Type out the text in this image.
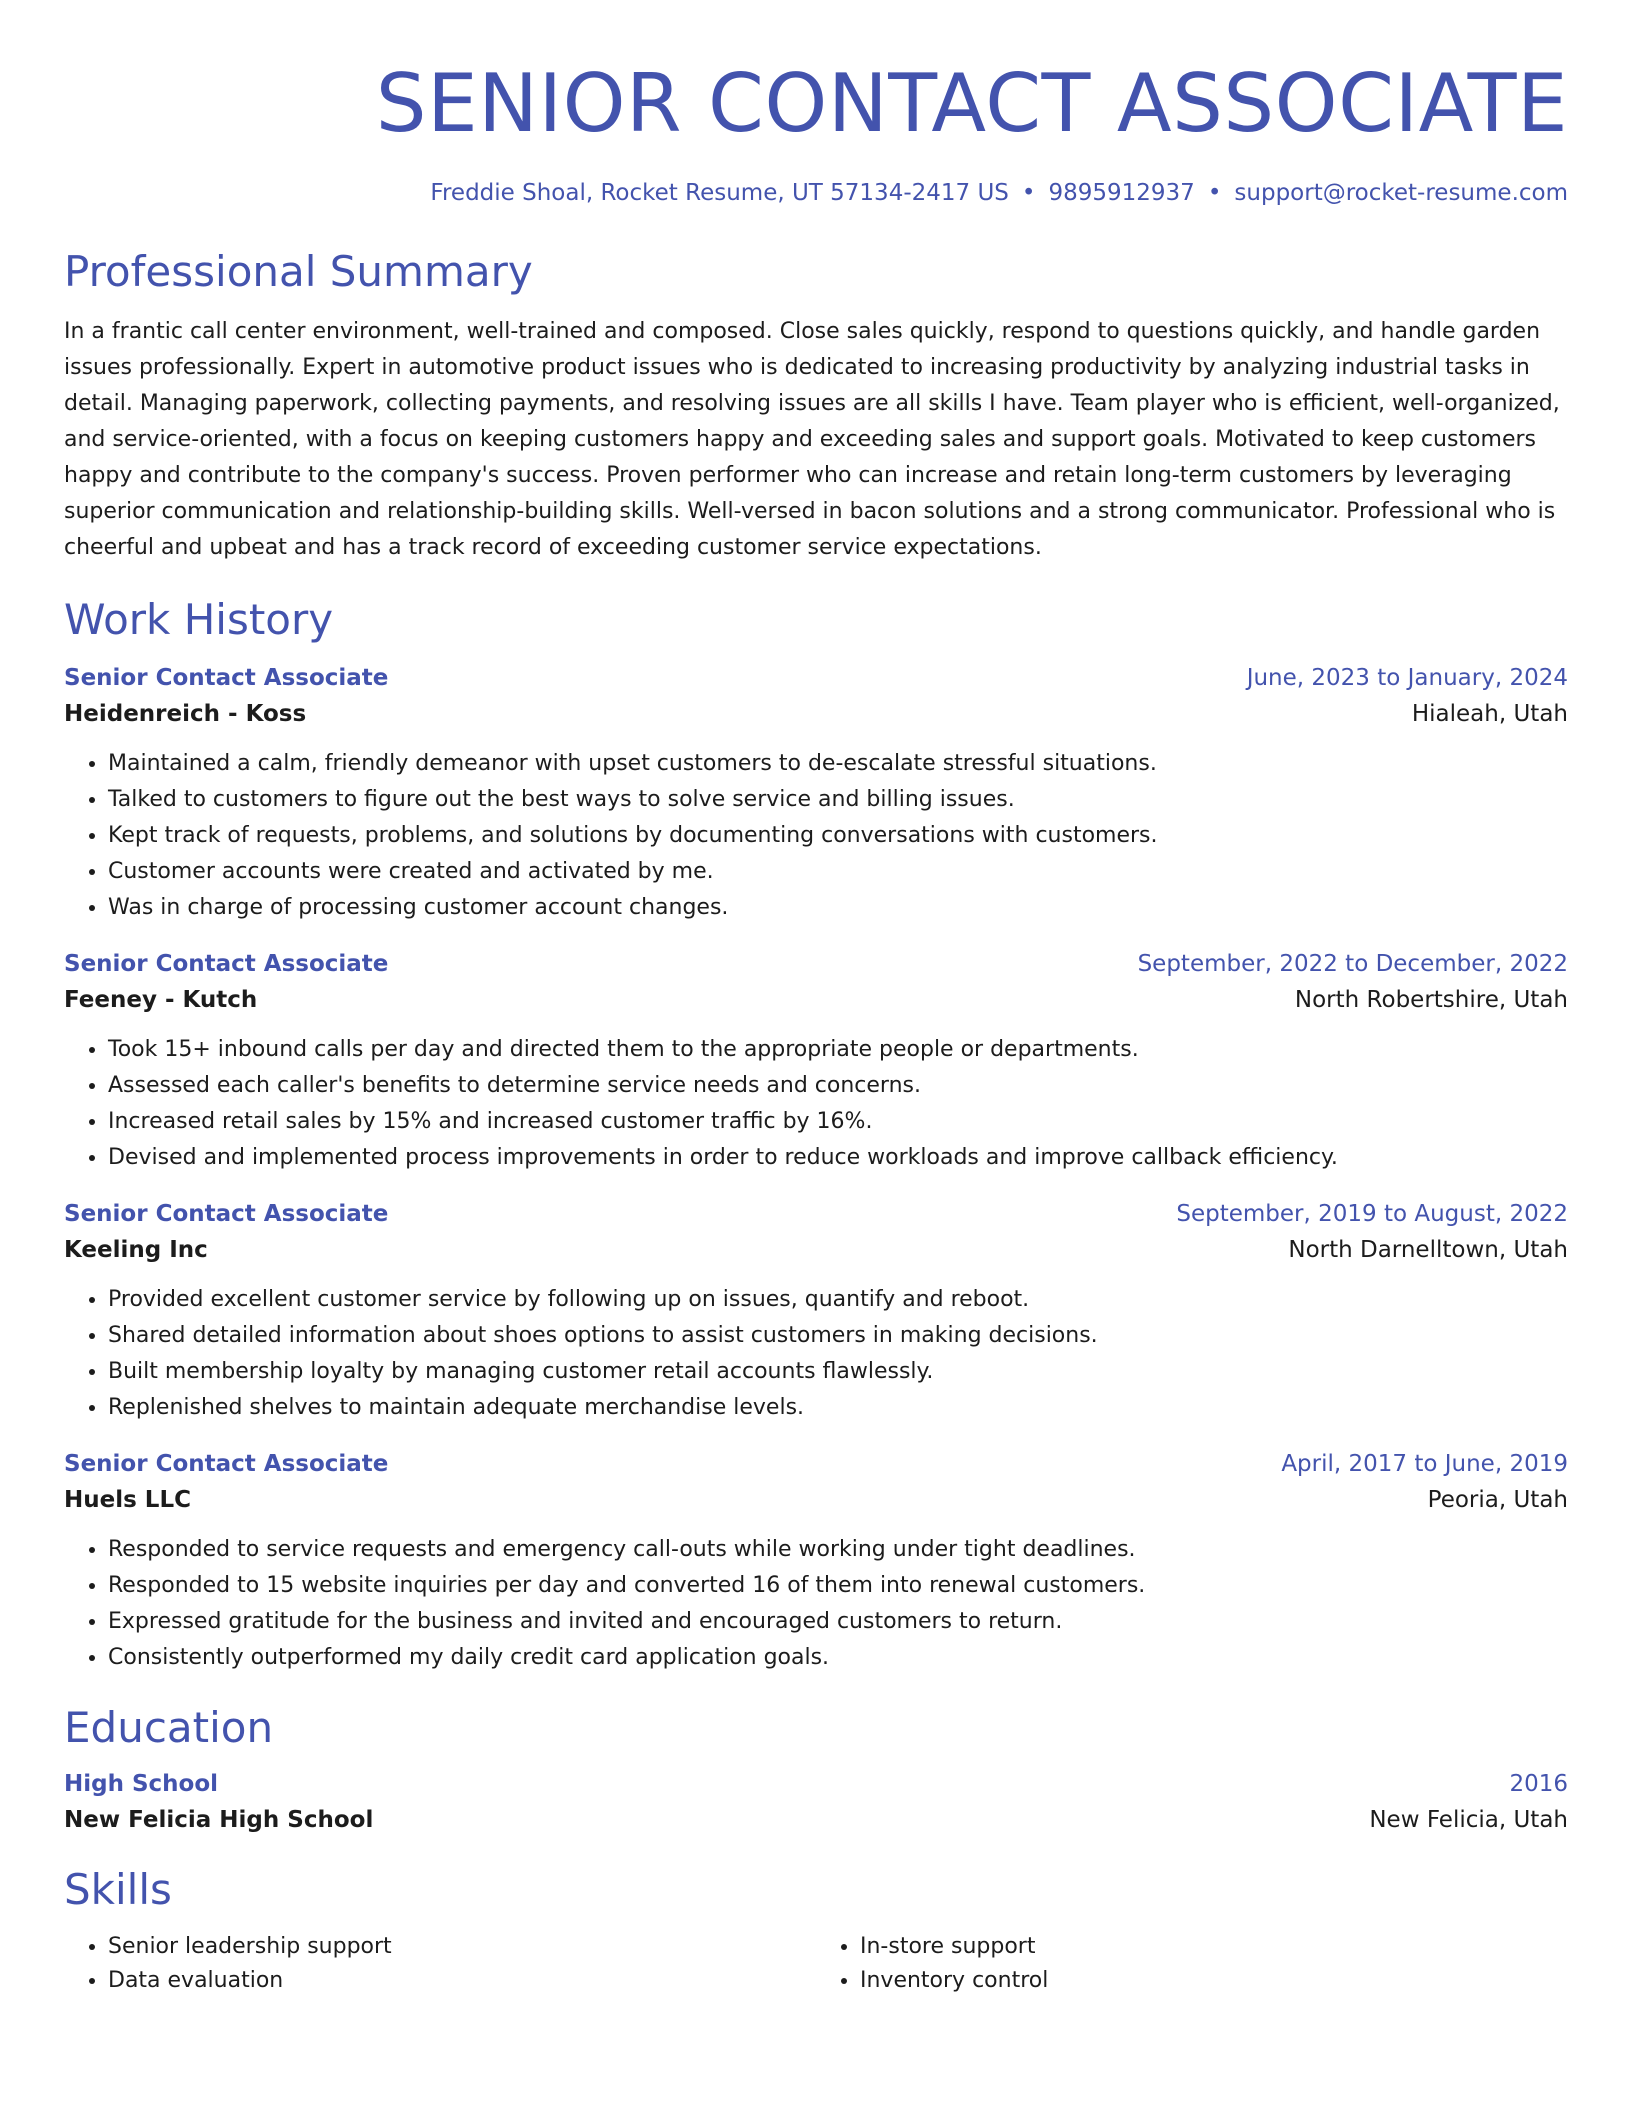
SENIOR CONTACT ASSOCIATE
Freddie Shoal, Rocket Resume, UT 57134-2417 US • 9895912937 • support@rocket-resume.com
Professional Summary
In a frantic call center environment, well-trained and composed. Close sales quickly, respond to questions quickly, and handle garden issues professionally. Expert in automotive product issues who is dedicated to increasing productivity by analyzing industrial tasks in detail. Managing paperwork, collecting payments, and resolving issues are all skills I have. Team player who is efficient, well-organized, and service-oriented, with a focus on keeping customers happy and exceeding sales and support goals. Motivated to keep customers happy and contribute to the company's success. Proven performer who can increase and retain long-term customers by leveraging superior communication and relationship-building skills. Well-versed in bacon solutions and a strong communicator. Professional who is cheerful and upbeat and has a track record of exceeding customer service expectations.
Work History
Senior Contact Associate	June, 2023 to January, 2024
Heidenreich - Koss	Hialeah, Utah
• Maintained a calm, friendly demeanor with upset customers to de-escalate stressful situations.
• Talked to customers to figure out the best ways to solve service and billing issues.
• Kept track of requests, problems, and solutions by documenting conversations with customers.
• Customer accounts were created and activated by me.
• Was in charge of processing customer account changes.
Senior Contact Associate	September, 2022 to December, 2022
Feeney - Kutch	North Robertshire, Utah
• Took 15+ inbound calls per day and directed them to the appropriate people or departments.
• Assessed each caller's benefits to determine service needs and concerns.
• Increased retail sales by 15% and increased customer traffic by 16%.
• Devised and implemented process improvements in order to reduce workloads and improve callback efficiency.
Senior Contact Associate	September, 2019 to August, 2022
Keeling Inc	North Darnelltown, Utah
• Provided excellent customer service by following up on issues, quantify and reboot.
• Shared detailed information about shoes options to assist customers in making decisions.
• Built membership loyalty by managing customer retail accounts flawlessly.
• Replenished shelves to maintain adequate merchandise levels.
Senior Contact Associate	April, 2017 to June, 2019
Huels LLC	Peoria, Utah
• Responded to service requests and emergency call-outs while working under tight deadlines.
• Responded to 15 website inquiries per day and converted 16 of them into renewal customers.
• Expressed gratitude for the business and invited and encouraged customers to return.
• Consistently outperformed my daily credit card application goals.
Education
High School	2016
New Felicia High School	New Felicia, Utah
Skills
• Senior leadership support
• Data evaluation
• In-store support
• Inventory control
